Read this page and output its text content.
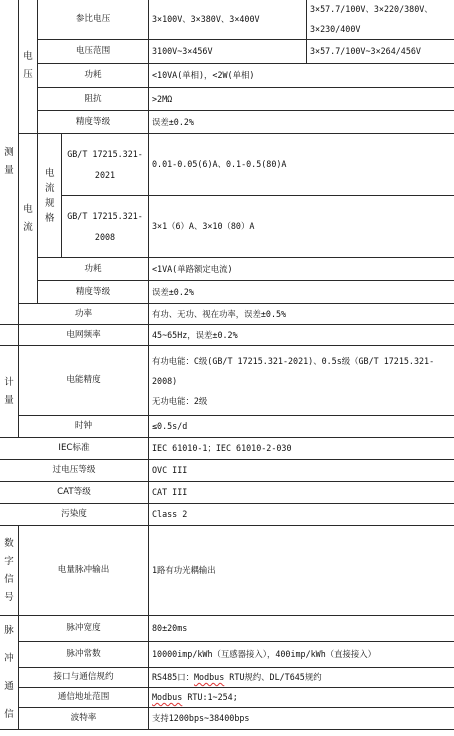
测量	电压	参比电压		3×100V、3×380V、3×400V	3×57.7/100V、3×220/380V、3×230/400V
		电压范围		3100V~3×456V	3×57.7/100V~3×264/456V
		功耗		<10VA(单相)，<2W(单相)	
		阻抗		>2MΩ	
		精度等级		误差±0.2%	
	电流	电流规格	GB/T 17215.321-2021	0.01-0.05(6)A、0.1-0.5(80)A	
			GB/T 17215.321-2008	3×1（6）A、3×10（80）A	
		功耗		<1VA(单路额定电流)	
		精度等级		误差±0.2%	
	功率			有功、无功、视在功率，误差±0.5%	
	电网频率			45~65Hz，误差±0.2%	
计量	电能精度			有功电能：C级(GB/T 17215.321-2021)、0.5s级（GB/T 17215.321-2008)
无功电能：2级	

	时钟			≤0.5s/d	
IEC标准				IEC 61010-1；IEC 61010-2-030	
过电压等级				OVC III	
CAT等级				CAT III	
污染度				Class 2	
数字信号	电量脉冲输出			1路有功光耦输出	
脉冲通信	脉冲宽度			80±20ms	
	脉冲常数			10000imp/kWh（互感器接入），400imp/kWh（直接接入）	
	接口与通信规约			RS485口：Modbus RTU规约、DL/T645规约	
	通信地址范围			Modbus RTU:1~254;	
	波特率			支持1200bps~38400bps	
